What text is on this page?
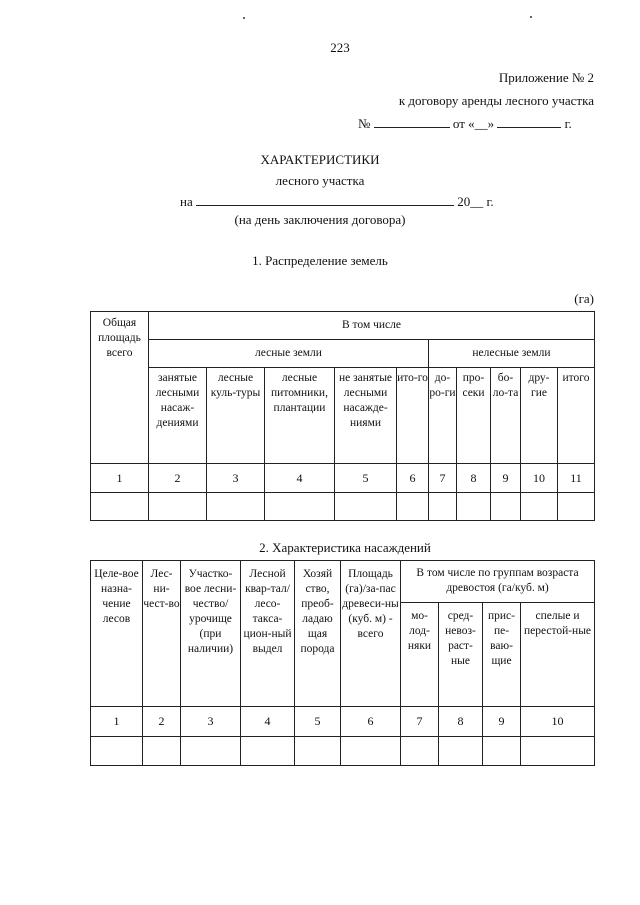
223
Приложение № 2
к договору аренды лесного участка
№	от «__»	г.
ХАРАКТЕРИСТИКИ
лесного участка
на	20__ г.
(на день заключения договора)
1. Распределение земель
(га)
Общая площадь всего	В том числе									
	лесные земли					нелесные земли				
	занятые лесными насаж-дениями	лесные куль-туры	лесные питомники, плантации	не занятые лесными насажде-ниями	ито-го	до-ро-ги	про-секи	бо-ло-та	дру-гие	итого
1	2	3	4	5	6	7	8	9	10	11

2. Характеристика насаждений
Целе-вое назна-чение лесов	Лес-ни-чест-во	Участко-вое лесни-чество/ урочище (при наличии)	Лесной квар-тал/ лесо-такса-цион-ный выдел	Хозяй ство, преоб-ладаю щая порода	Площадь (га)/за-пас древеси-ны (куб. м) - всего	В том числе по группам возраста древостоя (га/куб. м)			
						мо-лод-няки	сред-невоз-раст-ные	прис-пе-ваю-щие	спелые и перестой-ные
1	2	3	4	5	6	7	8	9	10
